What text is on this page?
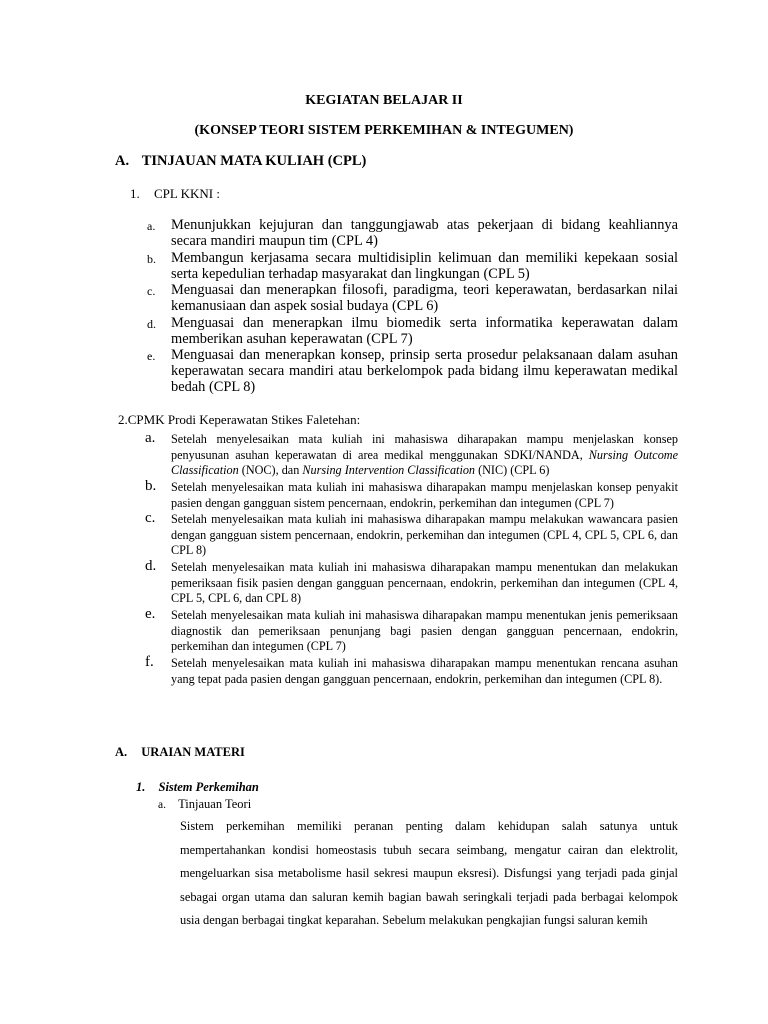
KEGIATAN BELAJAR II
(KONSEP TEORI SISTEM PERKEMIHAN & INTEGUMEN)
A. TINJAUAN MATA KULIAH (CPL)
1. CPL KKNI :
a. Menunjukkan kejujuran dan tanggungjawab atas pekerjaan di bidang keahliannya secara mandiri maupun tim (CPL 4)
b. Membangun kerjasama secara multidisiplin kelimuan dan memiliki kepekaan sosial serta kepedulian terhadap masyarakat dan lingkungan (CPL 5)
c. Menguasai dan menerapkan filosofi, paradigma, teori keperawatan, berdasarkan nilai kemanusiaan dan aspek sosial budaya (CPL 6)
d. Menguasai dan menerapkan ilmu biomedik serta informatika keperawatan dalam memberikan asuhan keperawatan (CPL 7)
e. Menguasai dan menerapkan konsep, prinsip serta prosedur pelaksanaan dalam asuhan keperawatan secara mandiri atau berkelompok pada bidang ilmu keperawatan medikal bedah (CPL 8)
2.CPMK Prodi Keperawatan Stikes Faletehan:
a. Setelah menyelesaikan mata kuliah ini mahasiswa diharapakan mampu menjelaskan konsep penyusunan asuhan keperawatan di area medikal menggunakan SDKI/NANDA, Nursing Outcome Classification (NOC), dan Nursing Intervention Classification (NIC) (CPL 6)
b. Setelah menyelesaikan mata kuliah ini mahasiswa diharapakan mampu menjelaskan konsep penyakit pasien dengan gangguan sistem pencernaan, endokrin, perkemihan dan integumen (CPL 7)
c. Setelah menyelesaikan mata kuliah ini mahasiswa diharapakan mampu melakukan wawancara pasien dengan gangguan sistem pencernaan, endokrin, perkemihan dan integumen (CPL 4, CPL 5, CPL 6, dan CPL 8)
d. Setelah menyelesaikan mata kuliah ini mahasiswa diharapakan mampu menentukan dan melakukan pemeriksaan fisik pasien dengan gangguan pencernaan, endokrin, perkemihan dan integumen (CPL 4, CPL 5, CPL 6, dan CPL 8)
e. Setelah menyelesaikan mata kuliah ini mahasiswa diharapakan mampu menentukan jenis pemeriksaan diagnostik dan pemeriksaan penunjang bagi pasien dengan gangguan pencernaan, endokrin, perkemihan dan integumen (CPL 7)
f. Setelah menyelesaikan mata kuliah ini mahasiswa diharapakan mampu menentukan rencana asuhan yang tepat pada pasien dengan gangguan pencernaan, endokrin, perkemihan dan integumen (CPL 8).
A. URAIAN MATERI
1. Sistem Perkemihan
a. Tinjauan Teori
Sistem perkemihan memiliki peranan penting dalam kehidupan salah satunya untuk mempertahankan kondisi homeostasis tubuh secara seimbang, mengatur cairan dan elektrolit, mengeluarkan sisa metabolisme hasil sekresi maupun eksresi). Disfungsi yang terjadi pada ginjal sebagai organ utama dan saluran kemih bagian bawah seringkali terjadi pada berbagai kelompok usia dengan berbagai tingkat keparahan. Sebelum melakukan pengkajian fungsi saluran kemih
